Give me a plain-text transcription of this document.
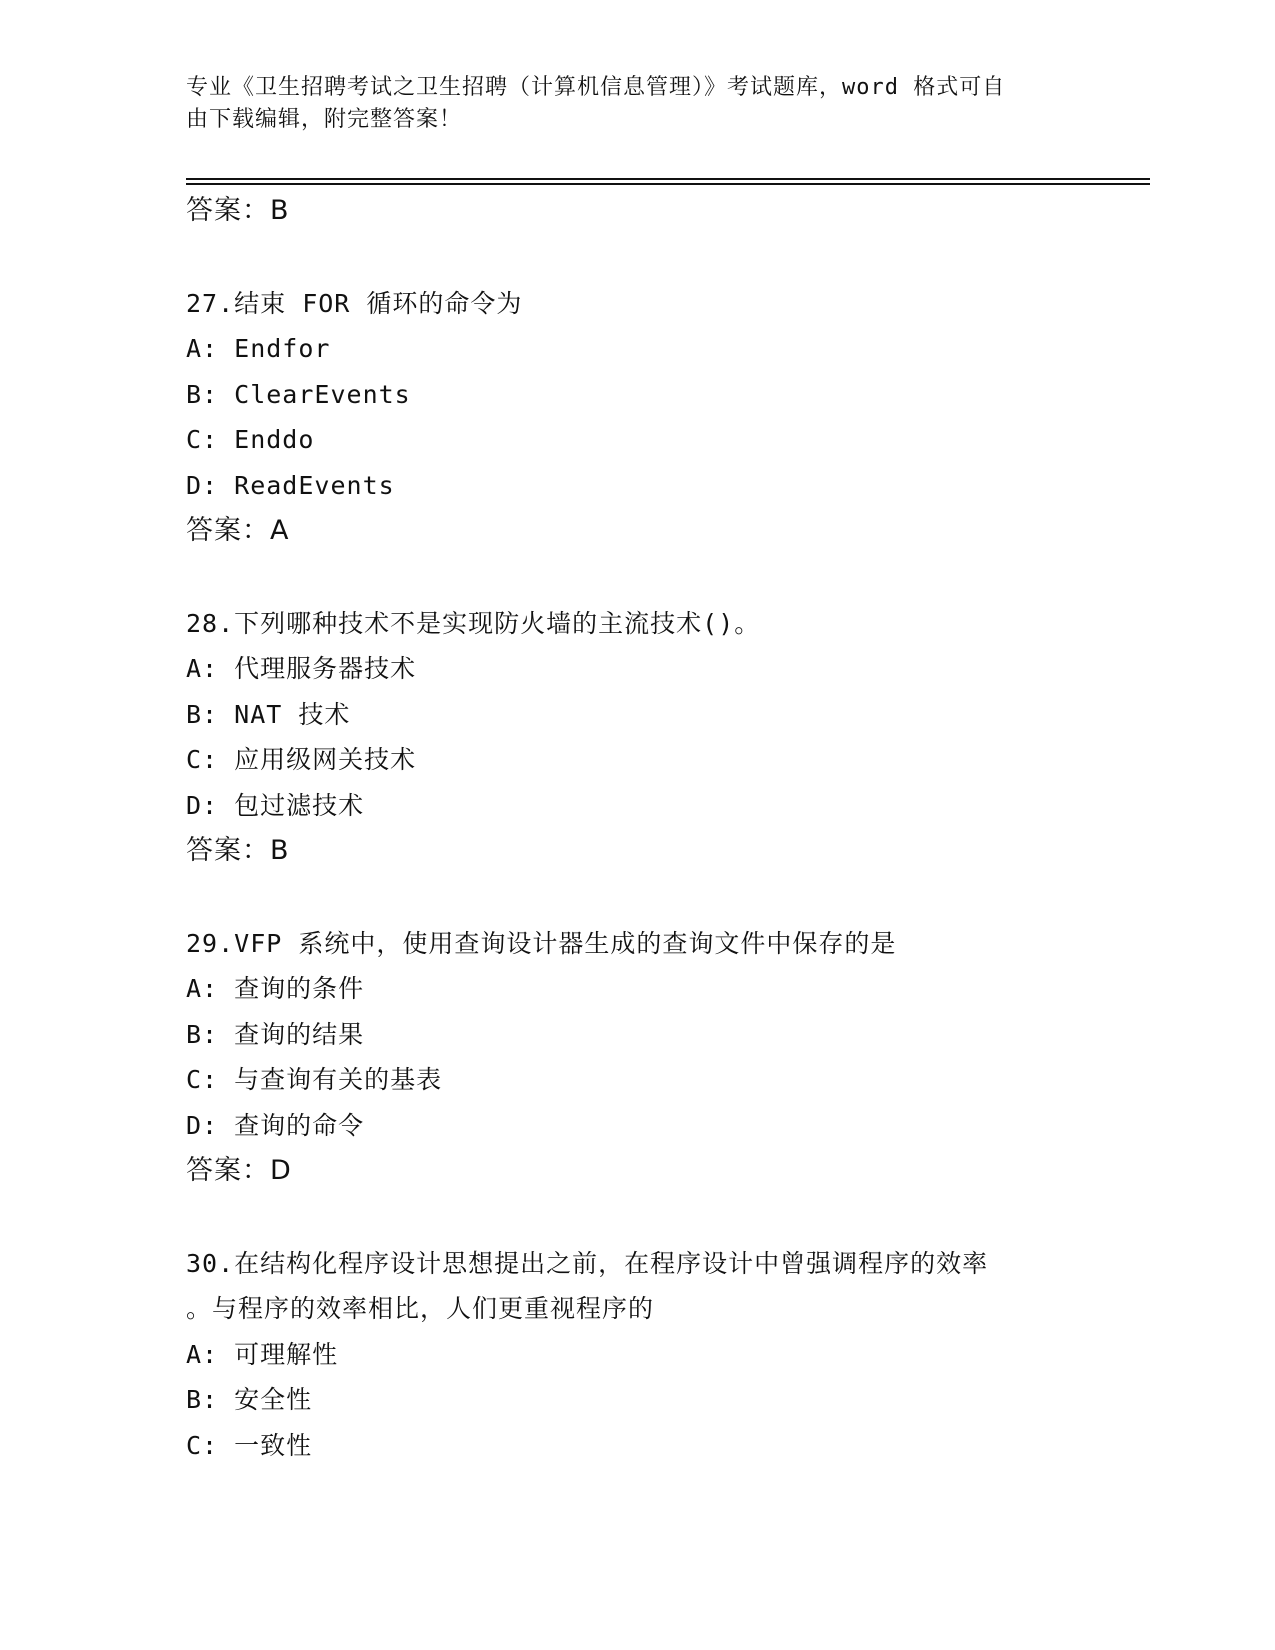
专业《卫生招聘考试之卫生招聘（计算机信息管理）》考试题库，word 格式可自
由下载编辑，附完整答案！
答案：B
27.结束 FOR 循环的命令为
A: Endfor
B: ClearEvents
C: Enddo
D: ReadEvents
答案：A
28.下列哪种技术不是实现防火墙的主流技术()。
A: 代理服务器技术
B: NAT 技术
C: 应用级网关技术
D: 包过滤技术
答案：B
29.VFP 系统中，使用查询设计器生成的查询文件中保存的是
A: 查询的条件
B: 查询的结果
C: 与查询有关的基表
D: 查询的命令
答案：D
30.在结构化程序设计思想提出之前，在程序设计中曾强调程序的效率
。与程序的效率相比，人们更重视程序的
A: 可理解性
B: 安全性
C: 一致性
